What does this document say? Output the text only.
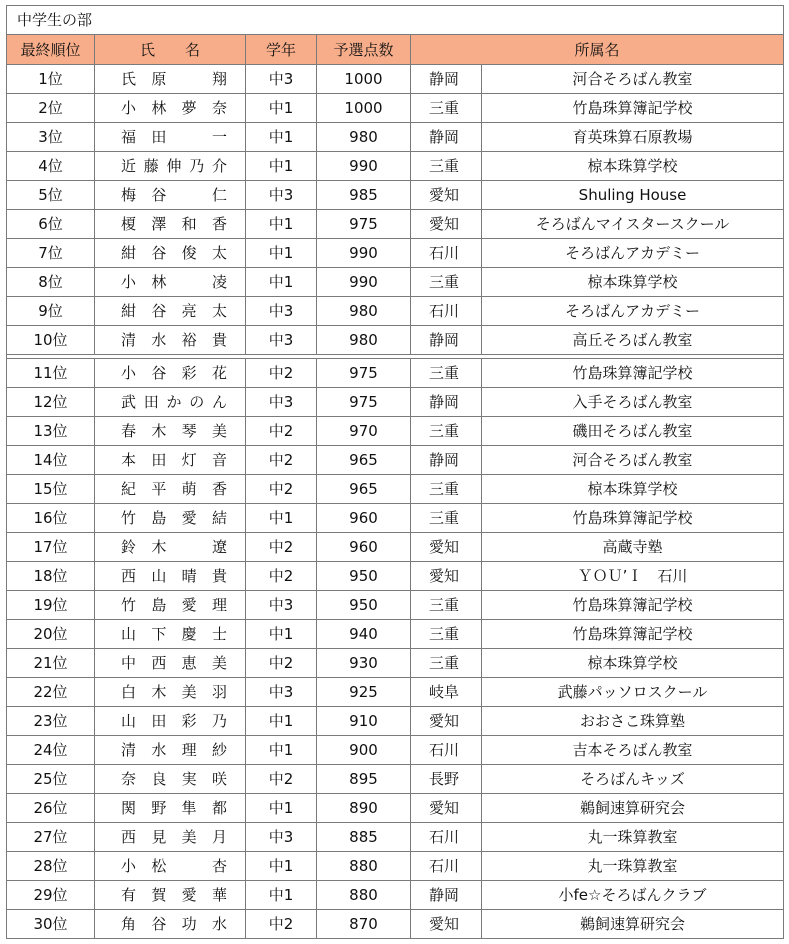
中学生の部					
最終順位	氏　　名	学年	予選点数	所属名	
1位	氏原　翔	中3	1000	静岡	河合そろばん教室
2位	小林夢奈	中1	1000	三重	竹島珠算簿記学校
3位	福田　一	中1	980	静岡	育英珠算石原教場
4位	近藤伸乃介	中1	990	三重	椋本珠算学校
5位	梅谷　仁	中3	985	愛知	Shuling House
6位	榎澤和香	中1	975	愛知	そろばんマイスタースクール
7位	紺谷俊太	中1	990	石川	そろばんアカデミー
8位	小林　凌	中1	990	三重	椋本珠算学校
9位	紺谷亮太	中3	980	石川	そろばんアカデミー
10位	清水裕貴	中3	980	静岡	高丘そろばん教室

11位	小谷彩花	中2	975	三重	竹島珠算簿記学校
12位	武田かのん	中3	975	静岡	入手そろばん教室
13位	春木琴美	中2	970	三重	磯田そろばん教室
14位	本田灯音	中2	965	静岡	河合そろばん教室
15位	紀平萌香	中2	965	三重	椋本珠算学校
16位	竹島愛結	中1	960	三重	竹島珠算簿記学校
17位	鈴木　遼	中2	960	愛知	高蔵寺塾
18位	西山晴貴	中2	950	愛知	ＹＯＵ’Ｉ　石川
19位	竹島愛理	中3	950	三重	竹島珠算簿記学校
20位	山下慶士	中1	940	三重	竹島珠算簿記学校
21位	中西恵美	中2	930	三重	椋本珠算学校
22位	白木美羽	中3	925	岐阜	武藤パッソロスクール
23位	山田彩乃	中1	910	愛知	おおさこ珠算塾
24位	清水理紗	中1	900	石川	吉本そろばん教室
25位	奈良実咲	中2	895	長野	そろばんキッズ
26位	関野隼都	中1	890	愛知	鵜飼速算研究会
27位	西見美月	中3	885	石川	丸一珠算教室
28位	小松　杏	中1	880	石川	丸一珠算教室
29位	有賀愛華	中1	880	静岡	小fe☆そろばんクラブ
30位	角谷功水	中2	870	愛知	鵜飼速算研究会
